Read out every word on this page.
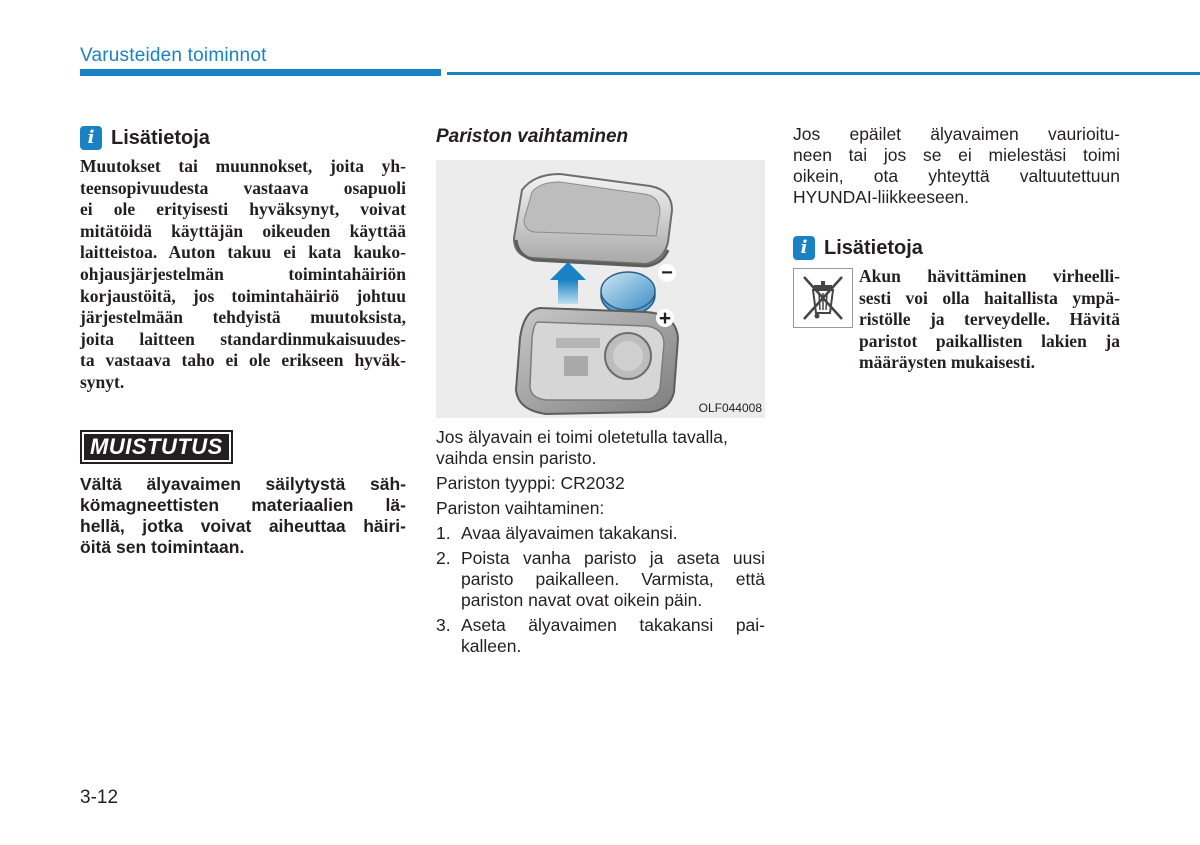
Varusteiden toiminnot
i Lisätietoja
Muutokset tai muunnokset, joita yh-
teensopivuudesta vastaava osapuoli
ei ole erityisesti hyväksynyt, voivat
mitätöidä käyttäjän oikeuden käyttää
laitteistoa. Auton takuu ei kata kauko-
ohjausjärjestelmän toimintahäiriön
korjaustöitä, jos toimintahäiriö johtuu
järjestelmään tehdyistä muutoksista,
joita laitteen standardinmukaisuudes-
ta vastaava taho ei ole erikseen hyväk-
synyt.
MUISTUTUS
Vältä älyavaimen säilytystä säh-
kömagneettisten materiaalien lä-
hellä, jotka voivat aiheuttaa häiri-
öitä sen toimintaan.
Pariston vaihtaminen
−
+
OLF044008

Jos älyavain ei toimi oletetulla tavalla,
vaihda ensin paristo.

Pariston tyyppi: CR2032

Pariston vaihtaminen:

1. Avaa älyavaimen takakansi.
2. Poista vanha paristo ja aseta uusi
paristo paikalleen. Varmista, että
pariston navat ovat oikein päin.
3. Aseta älyavaimen takakansi pai-
kalleen.
Jos epäilet älyavaimen vaurioitu-
neen tai jos se ei mielestäsi toimi
oikein, ota yhteyttä valtuutettuun
HYUNDAI-liikkeeseen.
i Lisätietoja
Akun hävittäminen virheelli-
sesti voi olla haitallista ympä-
ristölle ja terveydelle. Hävitä
paristot paikallisten lakien ja
määräysten mukaisesti.
3-12
